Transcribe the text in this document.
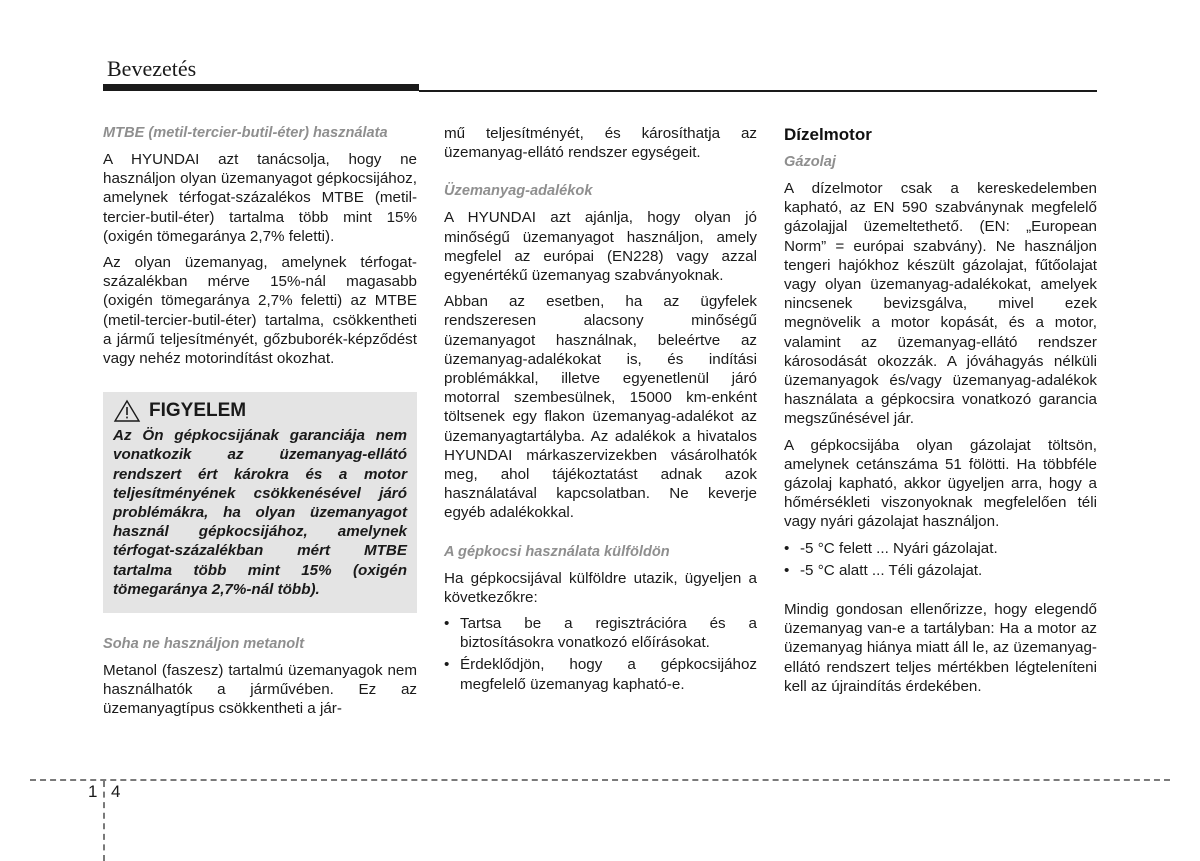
Bevezetés

MTBE (metil-tercier-butil-éter) használata

A HYUNDAI azt tanácsolja, hogy ne használjon olyan üzemanyagot gépkocsijához, amelynek térfogat-százalékos MTBE (metil-tercier-butil-éter) tartalma több mint 15% (oxigén tömegaránya 2,7% feletti).

Az olyan üzemanyag, amelynek térfogat-százalékban mérve 15%-nál magasabb (oxigén tömegaránya 2,7% feletti) az MTBE (metil-tercier-butil-éter) tartalma, csökkentheti a jármű teljesítményét, gőzbuborék-képződést vagy nehéz motorindítást okozhat.

FIGYELEM

Az Ön gépkocsijának garanciája nem vonatkozik az üzemanyag-ellátó rendszert ért károkra és a motor teljesítményének csökkenésével járó problémákra, ha olyan üzemanyagot használ gépkocsijához, amelynek térfogat-százalékban mért MTBE tartalma több mint 15% (oxigén tömegaránya 2,7%-nál több).

Soha ne használjon metanolt

Metanol (faszesz) tartalmú üzemanyagok nem használhatók a járművében. Ez az üzemanyagtípus csökkentheti a jár-

mű teljesítményét, és károsíthatja az üzemanyag-ellátó rendszer egységeit.

Üzemanyag-adalékok

A HYUNDAI azt ajánlja, hogy olyan jó minőségű üzemanyagot használjon, amely megfelel az európai (EN228) vagy azzal egyenértékű üzemanyag szabványoknak.

Abban az esetben, ha az ügyfelek rendszeresen alacsony minőségű üzemanyagot használnak, beleértve az üzemanyag-adalékokat is, és indítási problémákkal, illetve egyenetlenül járó motorral szembesülnek, 15000 km-enként töltsenek egy flakon üzemanyag-adalékot az üzemanyagtartályba. Az adalékok a hivatalos HYUNDAI márkaszervizekben vásárolhatók meg, ahol tájékoztatást adnak azok használatával kapcsolatban. Ne keverje egyéb adalékokkal.

A gépkocsi használata külföldön

Ha gépkocsijával külföldre utazik, ügyeljen a következőkre:

• Tartsa be a regisztrációra és a biztosításokra vonatkozó előírásokat.
• Érdeklődjön, hogy a gépkocsijához megfelelő üzemanyag kapható-e.

Dízelmotor

Gázolaj

A dízelmotor csak a kereskedelemben kapható, az EN 590 szabványnak megfelelő gázolajjal üzemeltethető. (EN: „European Norm” = európai szabvány). Ne használjon tengeri hajókhoz készült gázolajat, fűtőolajat vagy olyan üzemanyag-adalékokat, amelyek nincsenek bevizsgálva, mivel ezek megnövelik a motor kopását, és a motor, valamint az üzemanyag-ellátó rendszer károsodását okozzák. A jóváhagyás nélküli üzemanyagok és/vagy üzemanyag-adalékok használata a gépkocsira vonatkozó garancia megszűnésével jár.

A gépkocsijába olyan gázolajat töltsön, amelynek cetánszáma 51 fölötti. Ha többféle gázolaj kapható, akkor ügyeljen arra, hogy a hőmérsékleti viszonyoknak megfelelően téli vagy nyári gázolajat használjon.

• -5 °C felett ... Nyári gázolajat.
• -5 °C alatt ... Téli gázolajat.

Mindig gondosan ellenőrizze, hogy elegendő üzemanyag van-e a tartályban: Ha a motor az üzemanyag hiánya miatt áll le, az üzemanyag-ellátó rendszert teljes mértékben légteleníteni kell az újraindítás érdekében.

1 4
